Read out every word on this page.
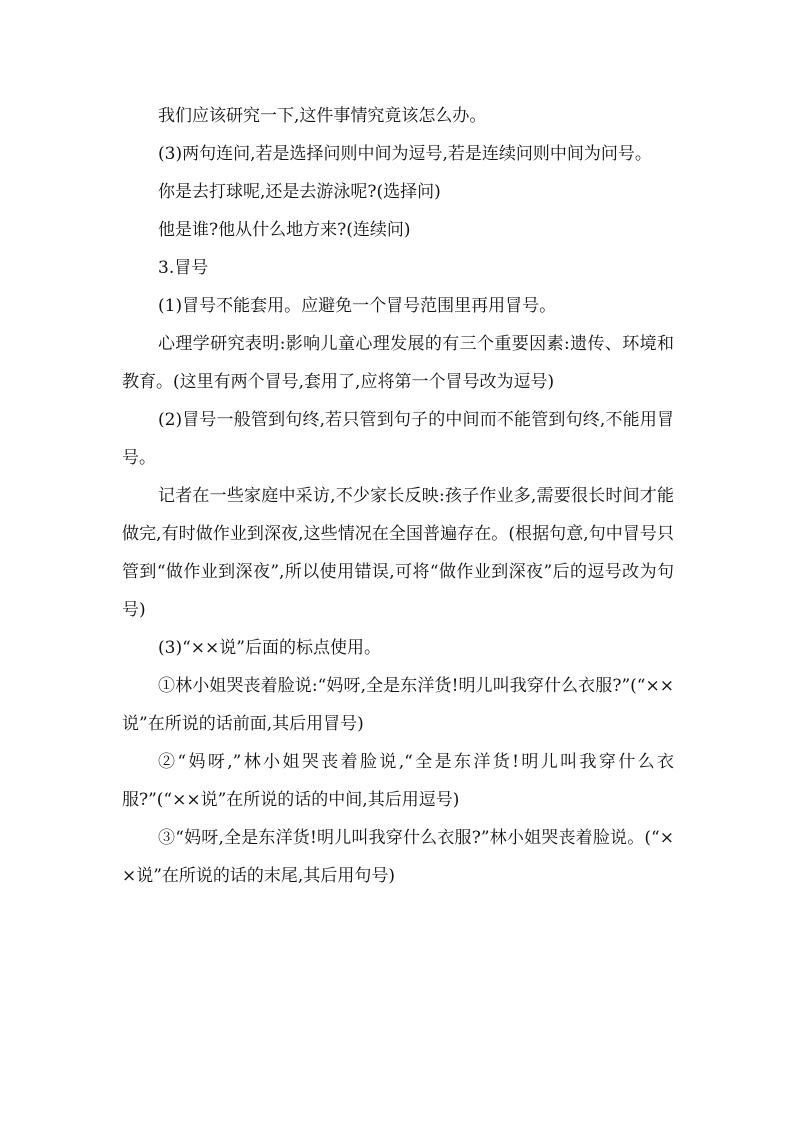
我们应该研究一下,这件事情究竟该怎么办。

(3)两句连问,若是选择问则中间为逗号,若是连续问则中间为问号。

你是去打球呢,还是去游泳呢?(选择问)

他是谁?他从什么地方来?(连续问)

3.冒号

(1)冒号不能套用。应避免一个冒号范围里再用冒号。

心理学研究表明:影响儿童心理发展的有三个重要因素:遗传、环境和教育。(这里有两个冒号,套用了,应将第一个冒号改为逗号)

(2)冒号一般管到句终,若只管到句子的中间而不能管到句终,不能用冒号。

记者在一些家庭中采访,不少家长反映:孩子作业多,需要很长时间才能做完,有时做作业到深夜,这些情况在全国普遍存在。(根据句意,句中冒号只管到“做作业到深夜”,所以使用错误,可将“做作业到深夜”后的逗号改为句号)

(3)“××说”后面的标点使用。

①林小姐哭丧着脸说:“妈呀,全是东洋货!明儿叫我穿什么衣服?”(“××说”在所说的话前面,其后用冒号)

②“妈呀,”林小姐哭丧着脸说,“全是东洋货!明儿叫我穿什么衣服?”(“××说”在所说的话的中间,其后用逗号)

③“妈呀,全是东洋货!明儿叫我穿什么衣服?”林小姐哭丧着脸说。(“××说”在所说的话的末尾,其后用句号)
